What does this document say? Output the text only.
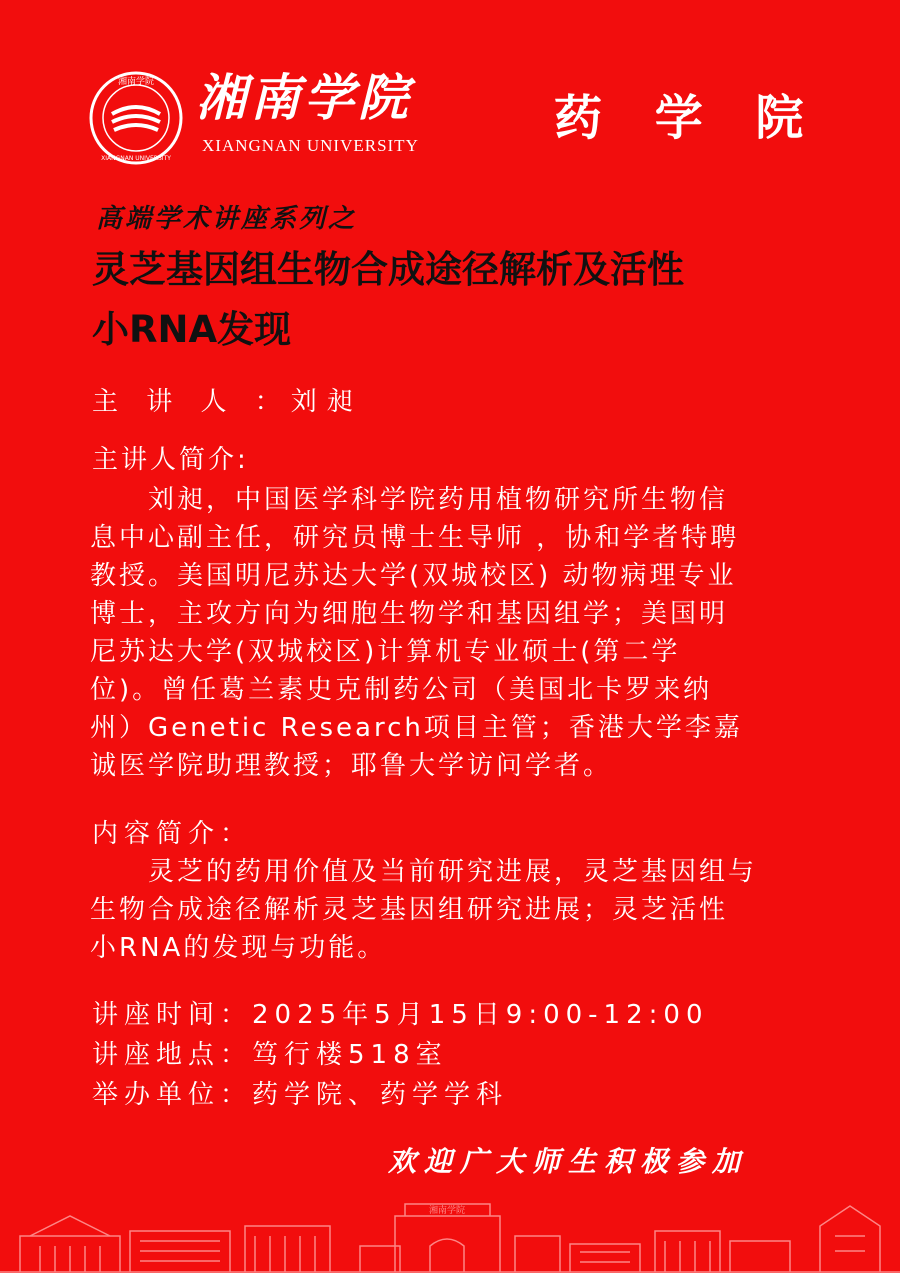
湘南学院
XIANGNAN UNIVERSITY
湘南学院
XIANGNAN UNIVERSITY	药 学 院
高端学术讲座系列之
灵芝基因组生物合成途径解析及活性
小RNA发现
主 讲 人 ：刘昶
主讲人简介:
　　刘昶，中国医学科学院药用植物研究所生物信
息中心副主任，研究员博士生导师 ，协和学者特聘
教授。美国明尼苏达大学(双城校区) 动物病理专业
博士，主攻方向为细胞生物学和基因组学；美国明
尼苏达大学(双城校区)计算机专业硕士(第二学
位)。曾任葛兰素史克制药公司（美国北卡罗来纳
州）Genetic Research项目主管；香港大学李嘉
诚医学院助理教授；耶鲁大学访问学者。
内容简介：
　　灵芝的药用价值及当前研究进展，灵芝基因组与
生物合成途径解析灵芝基因组研究进展；灵芝活性
小RNA的发现与功能。
讲座时间：2025年5月15日9:00-12:00
讲座地点：笃行楼518室
举办单位：药学院、药学学科
欢迎广大师生积极参加
湘南学院
